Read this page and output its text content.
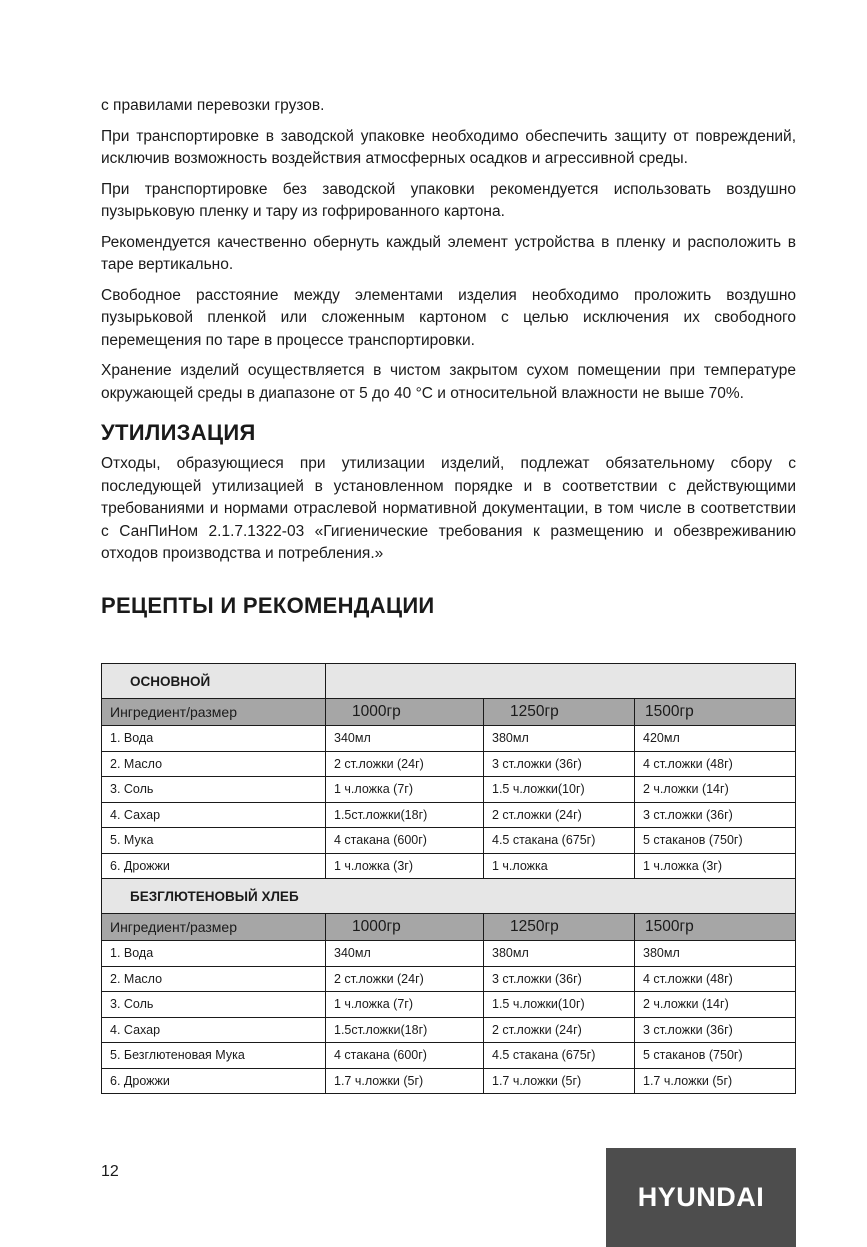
с правилами перевозки грузов.

При транспортировке в заводской упаковке необходимо обеспечить защиту от повреждений, исключив возможность воздействия атмосферных осадков и агрессивной среды.

При транспортировке без заводской упаковки рекомендуется использовать воздушно пузырьковую пленку и тару из гофрированного картона.

Рекомендуется качественно обернуть каждый элемент устройства в пленку и расположить в таре вертикально.

Свободное расстояние между элементами изделия необходимо проложить воздушно пузырьковой пленкой или сложенным картоном с целью исключения их свободного перемещения по таре в процессе транспортировки.

Хранение изделий осуществляется в чистом закрытом сухом помещении при температуре окружающей среды в диапазоне от 5 до 40 °C и относительной влажности не выше 70%.

УТИЛИЗАЦИЯ

Отходы, образующиеся при утилизации изделий, подлежат обязательному сбору с последующей утилизацией в установленном порядке и в соответствии с действующими требованиями и нормами отраслевой нормативной документации, в том числе в соответствии с СанПиНом 2.1.7.1322-03 «Гигиенические требования к размещению и обезвреживанию отходов производства и потребления.»

РЕЦЕПТЫ И РЕКОМЕНДАЦИИ
ОСНОВНОЙ			
Ингредиент/размер	1000гр	1250гр	1500гр
1. Вода	340мл	380мл	420мл
2. Масло	2 ст.ложки (24г)	3 ст.ложки (36г)	4 ст.ложки (48г)
3. Соль	1 ч.ложка (7г)	1.5 ч.ложки(10г)	2 ч.ложки (14г)
4. Сахар	1.5ст.ложки(18г)	2 ст.ложки (24г)	3 ст.ложки (36г)
5. Мука	4 стакана (600г)	4.5 стакана (675г)	5 стаканов (750г)
6. Дрожжи	1 ч.ложка (3г)	1 ч.ложка	1 ч.ложка (3г)
БЕЗГЛЮТЕНОВЫЙ ХЛЕБ			
Ингредиент/размер	1000гр	1250гр	1500гр
1. Вода	340мл	380мл	380мл
2. Масло	2 ст.ложки (24г)	3 ст.ложки (36г)	4 ст.ложки (48г)
3. Соль	1 ч.ложка (7г)	1.5 ч.ложки(10г)	2 ч.ложки (14г)
4. Сахар	1.5ст.ложки(18г)	2 ст.ложки (24г)	3 ст.ложки (36г)
5. Безглютеновая Мука	4 стакана (600г)	4.5 стакана (675г)	5 стаканов (750г)
6. Дрожжи	1.7 ч.ложки (5г)	1.7 ч.ложки (5г)	1.7 ч.ложки (5г)
12
HYUNDAI
